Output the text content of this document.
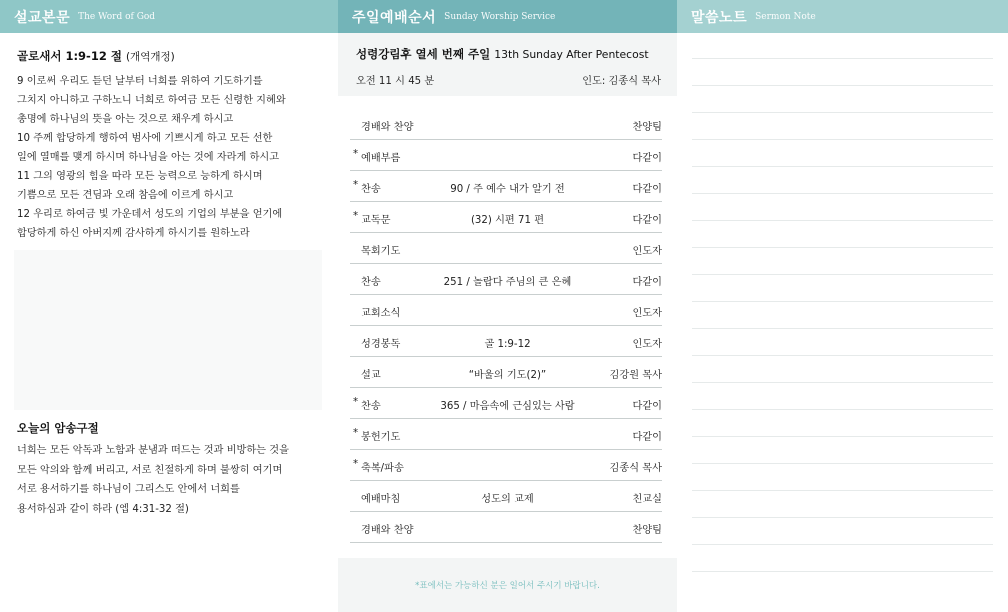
설교본문 The Word of God
골로새서 1:9-12 절 (개역개정)
9 이로써 우리도 듣던 날부터 너희를 위하여 기도하기를
그치지 아니하고 구하노니 너희로 하여금 모든 신령한 지혜와
총명에 하나님의 뜻을 아는 것으로 채우게 하시고
10 주께 합당하게 행하여 범사에 기쁘시게 하고 모든 선한
일에 열매를 맺게 하시며 하나님을 아는 것에 자라게 하시고
11 그의 영광의 힘을 따라 모든 능력으로 능하게 하시며
기쁨으로 모든 견딤과 오래 참음에 이르게 하시고
12 우리로 하여금 빛 가운데서 성도의 기업의 부분을 얻기에
합당하게 하신 아버지께 감사하게 하시기를 원하노라
오늘의 암송구절
너희는 모든 악독과 노함과 분냄과 떠드는 것과 비방하는 것을
모든 악의와 함께 버리고, 서로 친절하게 하며 불쌍히 여기며
서로 용서하기를 하나님이 그리스도 안에서 너희를
용서하심과 같이 하라 (엡 4:31-32 절)
주일예배순서 Sunday Worship Service
성령강림후 열세 번째 주일 13th Sunday After Pentecost
오전 11 시 45 분	인도: 김종식 목사
경배와 찬양	찬양팀
* 예배부름	다같이
* 찬송	90 / 주 예수 내가 알기 전	다같이
* 교독문	(32) 시편 71 편	다같이
목회기도	인도자
찬송	251 / 놀랍다 주님의 큰 은혜	다같이
교회소식	인도자
성경봉독	골 1:9-12	인도자
설교	“바울의 기도(2)”	김강원 목사
* 찬송	365 / 마음속에 근심있는 사람	다같이
* 봉헌기도	다같이
* 축복/파송	김종식 목사
예배마침	성도의 교제	친교실
경배와 찬양	찬양팀
*표에서는 가능하신 분은 일어서 주시기 바랍니다.
말씀노트 Sermon Note
